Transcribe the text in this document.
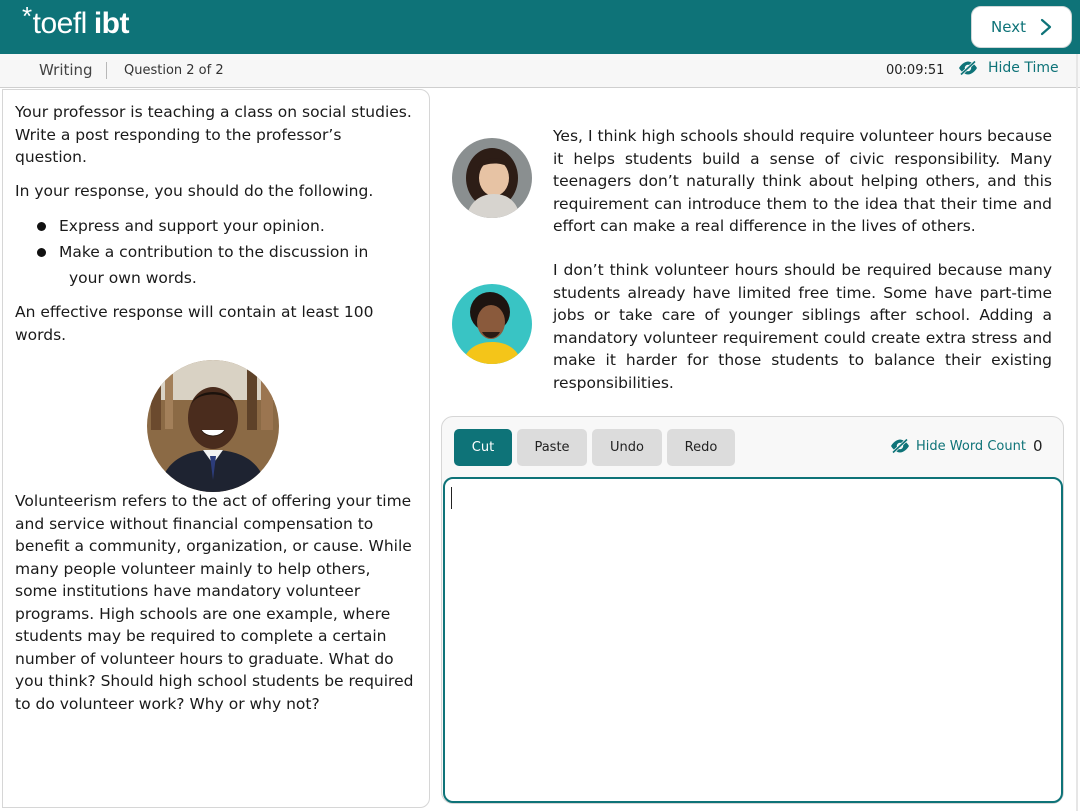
* toefl ibt	Next
Writing Question 2 of 2	00:09:51	Hide Time

Your professor is teaching a class on social studies. Write a post responding to the professor’s question.

In your response, you should do the following.

Express and support your opinion.
Make a contribution to the discussion in
your own words.

An effective response will contain at least 100 words.

Volunteerism refers to the act of offering your time and service without financial compensation to benefit a community, organization, or cause. While many people volunteer mainly to help others, some institutions have mandatory volunteer programs. High schools are one example, where students may be required to complete a certain number of volunteer hours to graduate. What do you think? Should high school students be required to do volunteer work? Why or why not?

Yes, I think high schools should require volunteer hours because it helps students build a sense of civic responsibility. Many teenagers don’t naturally think about helping others, and this requirement can introduce them to the idea that their time and effort can make a real difference in the lives of others.

I don’t think volunteer hours should be required because many students already have limited free time. Some have part-time jobs or take care of younger siblings after school. Adding a mandatory volunteer requirement could create extra stress and make it harder for those students to balance their existing responsibilities.

Cut	Paste	Undo	Redo	Hide Word Count 0
